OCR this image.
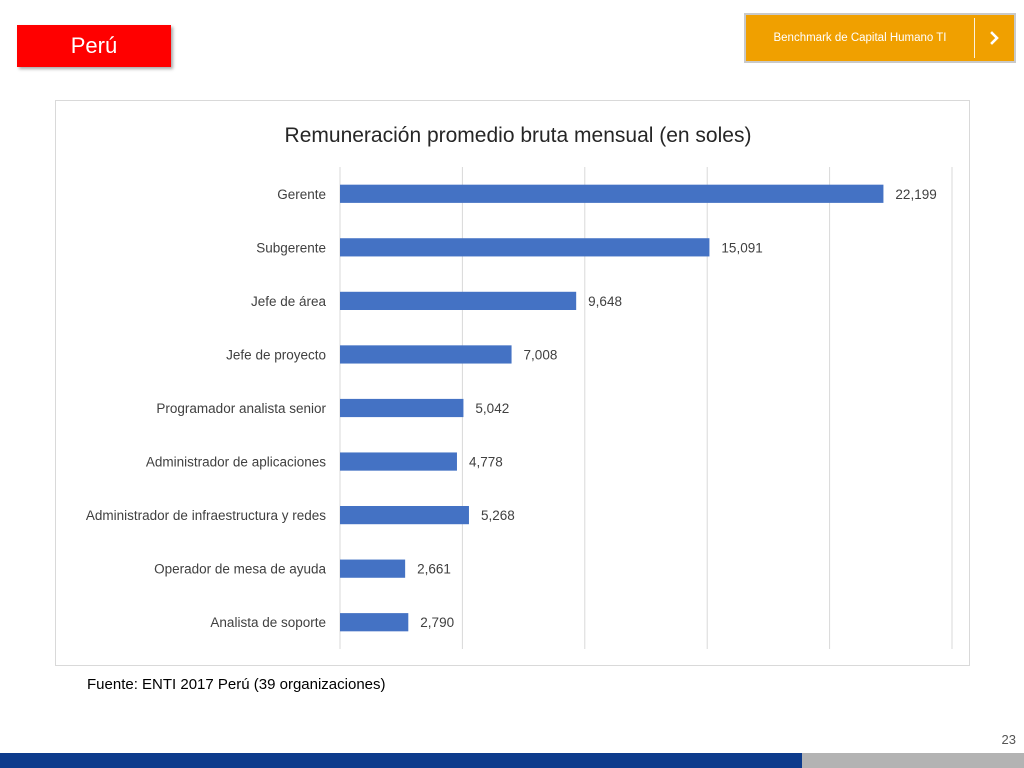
Perú	Benchmark de Capital Humano TI
Remuneración promedio bruta mensual (en soles)
Gerente
Subgerente
Jefe de área
Jefe de proyecto
Programador analista senior
Administrador de aplicaciones
Administrador de infraestructura y redes
Operador de mesa de ayuda
Analista de soporte
22,199
15,091
9,648
7,008
5,042
4,778
5,268
2,661
2,790
Fuente: ENTI 2017 Perú (39 organizaciones)
23
